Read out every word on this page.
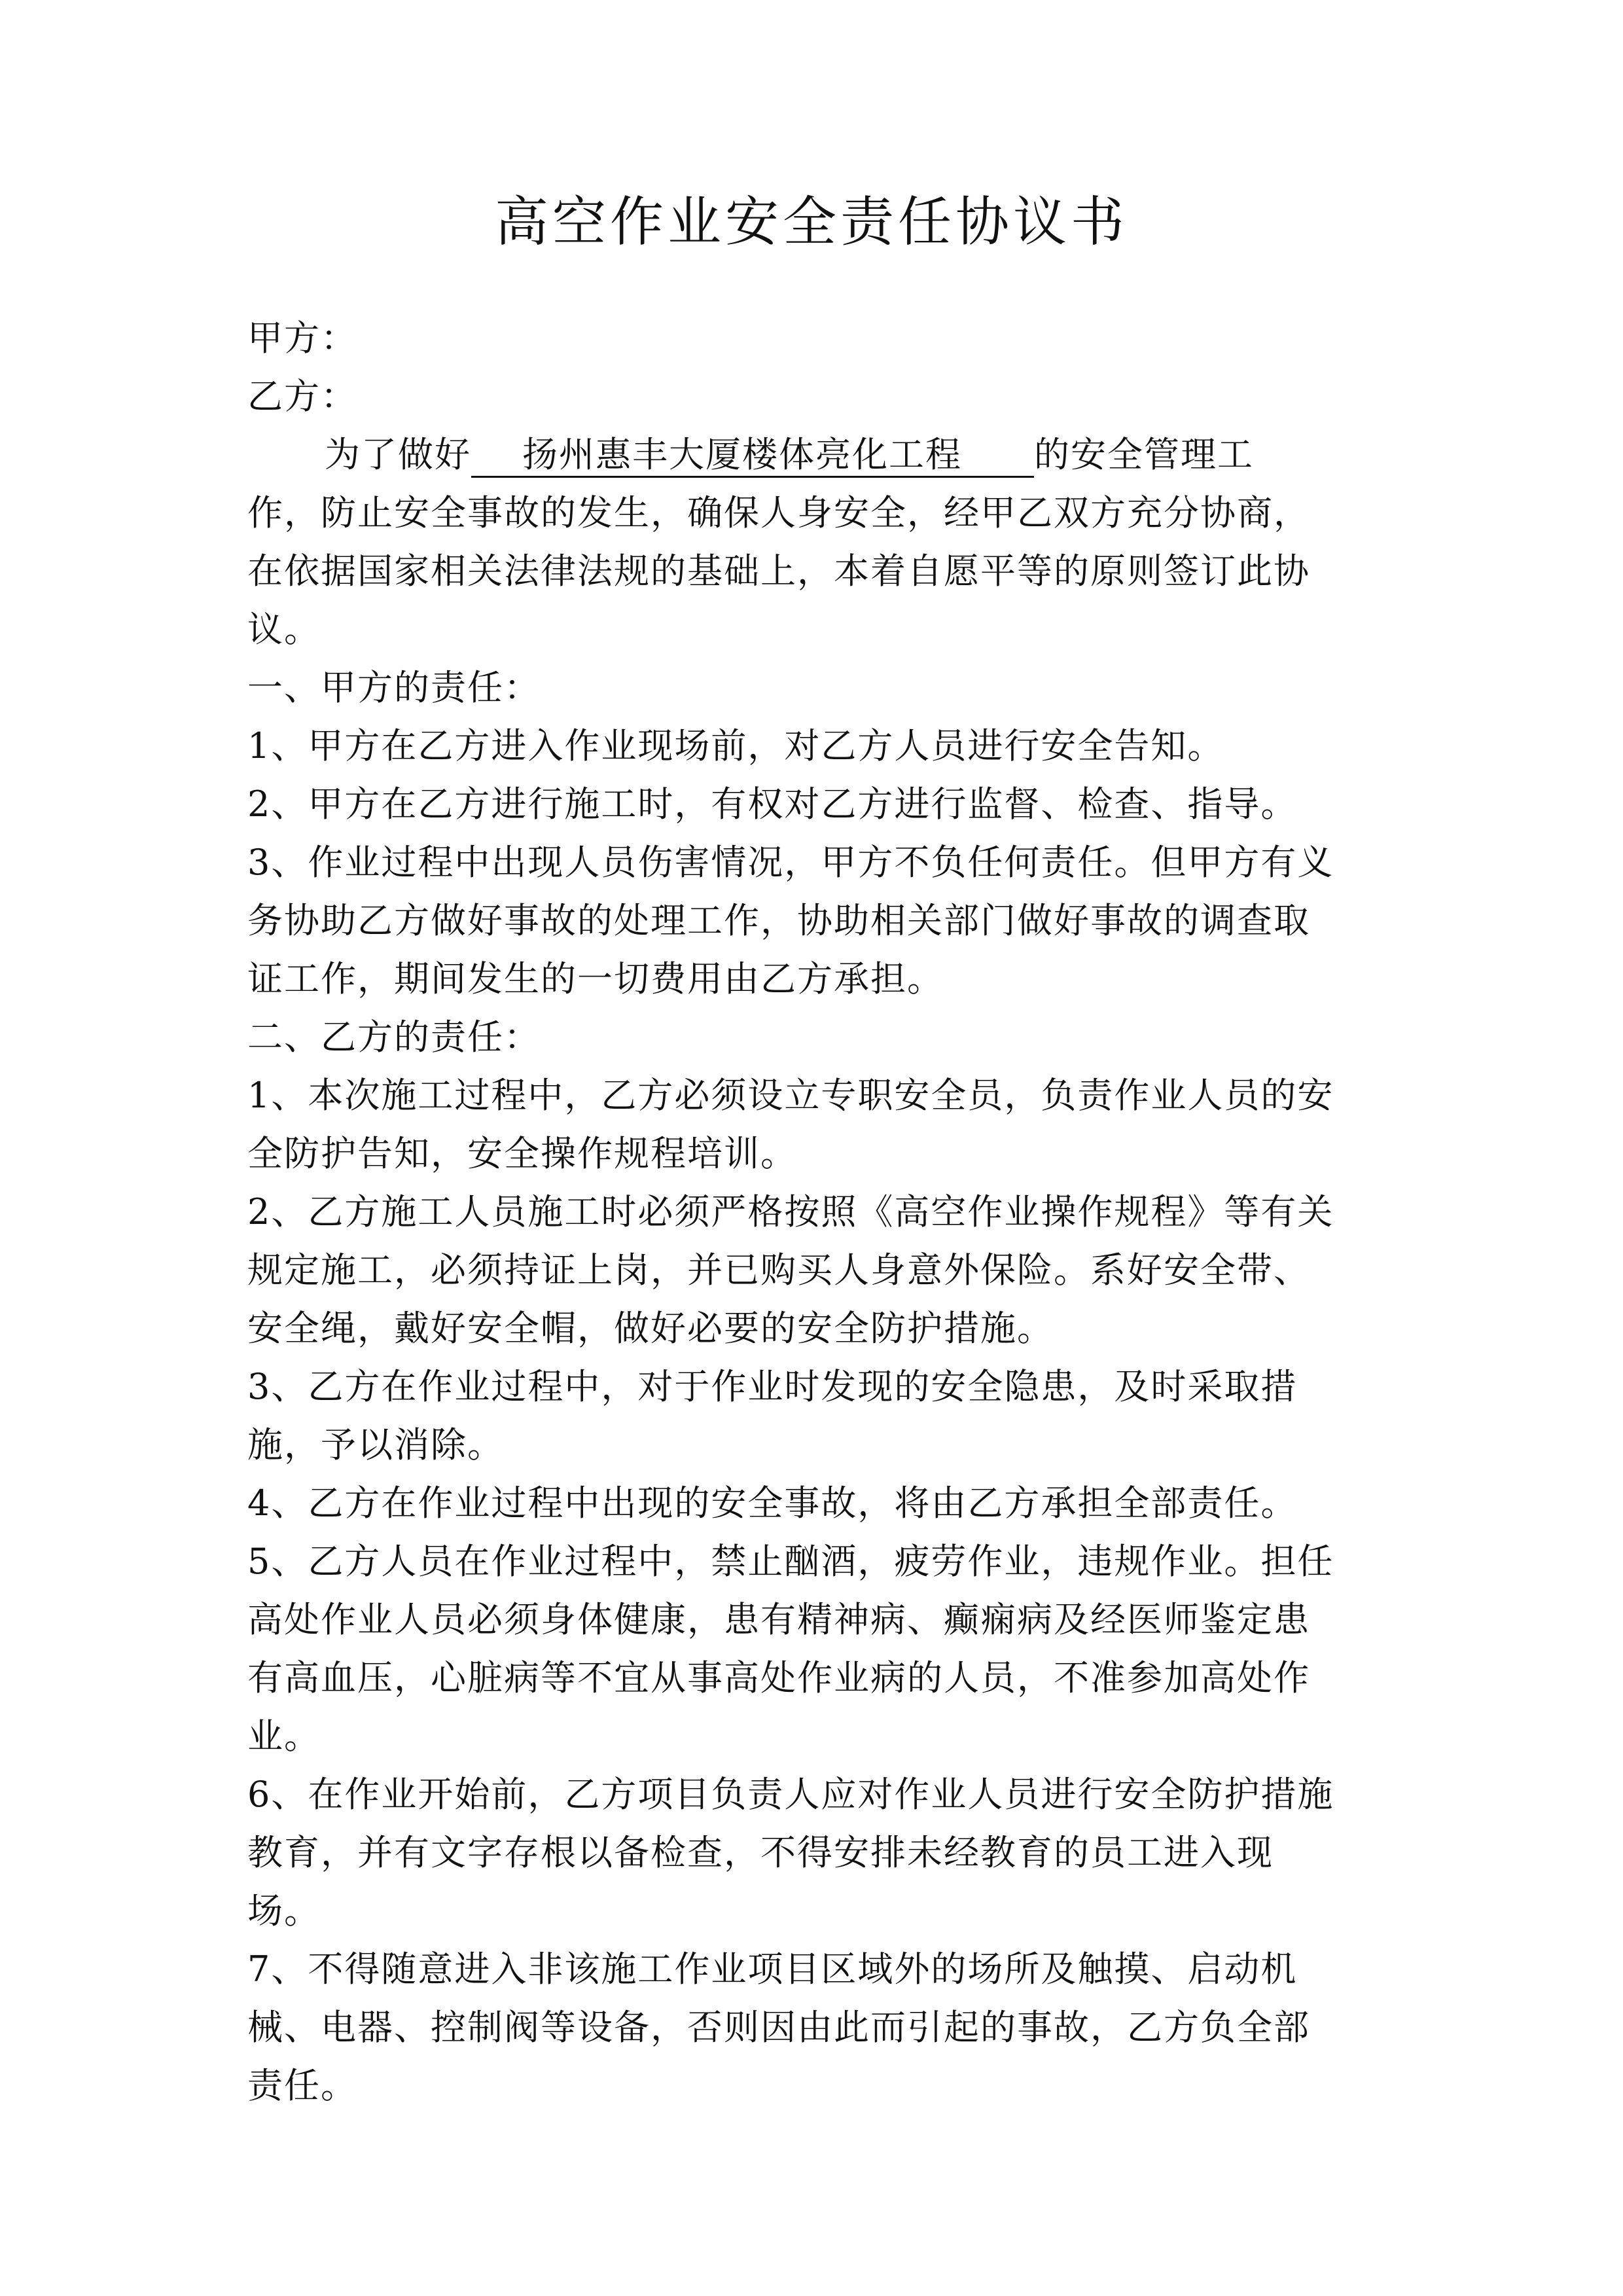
高空作业安全责任协议书
甲方：
乙方：
为了做好 扬州惠丰大厦楼体亮化工程 的安全管理工
作，防止安全事故的发生，确保人身安全，经甲乙双方充分协商，
在依据国家相关法律法规的基础上，本着自愿平等的原则签订此协
议。
一、甲方的责任：
1、甲方在乙方进入作业现场前，对乙方人员进行安全告知。
2、甲方在乙方进行施工时，有权对乙方进行监督、检查、指导。
3、作业过程中出现人员伤害情况，甲方不负任何责任。但甲方有义
务协助乙方做好事故的处理工作，协助相关部门做好事故的调查取
证工作，期间发生的一切费用由乙方承担。
二、乙方的责任：
1、本次施工过程中，乙方必须设立专职安全员，负责作业人员的安
全防护告知，安全操作规程培训。
2、乙方施工人员施工时必须严格按照《高空作业操作规程》等有关
规定施工，必须持证上岗，并已购买人身意外保险。系好安全带、
安全绳，戴好安全帽，做好必要的安全防护措施。
3、乙方在作业过程中，对于作业时发现的安全隐患，及时采取措
施，予以消除。
4、乙方在作业过程中出现的安全事故，将由乙方承担全部责任。
5、乙方人员在作业过程中，禁止酗酒，疲劳作业，违规作业。担任
高处作业人员必须身体健康，患有精神病、癫痫病及经医师鉴定患
有高血压，心脏病等不宜从事高处作业病的人员，不准参加高处作
业。
6、在作业开始前，乙方项目负责人应对作业人员进行安全防护措施
教育，并有文字存根以备检查，不得安排未经教育的员工进入现
场。
7、不得随意进入非该施工作业项目区域外的场所及触摸、启动机
械、电器、控制阀等设备，否则因由此而引起的事故，乙方负全部
责任。
